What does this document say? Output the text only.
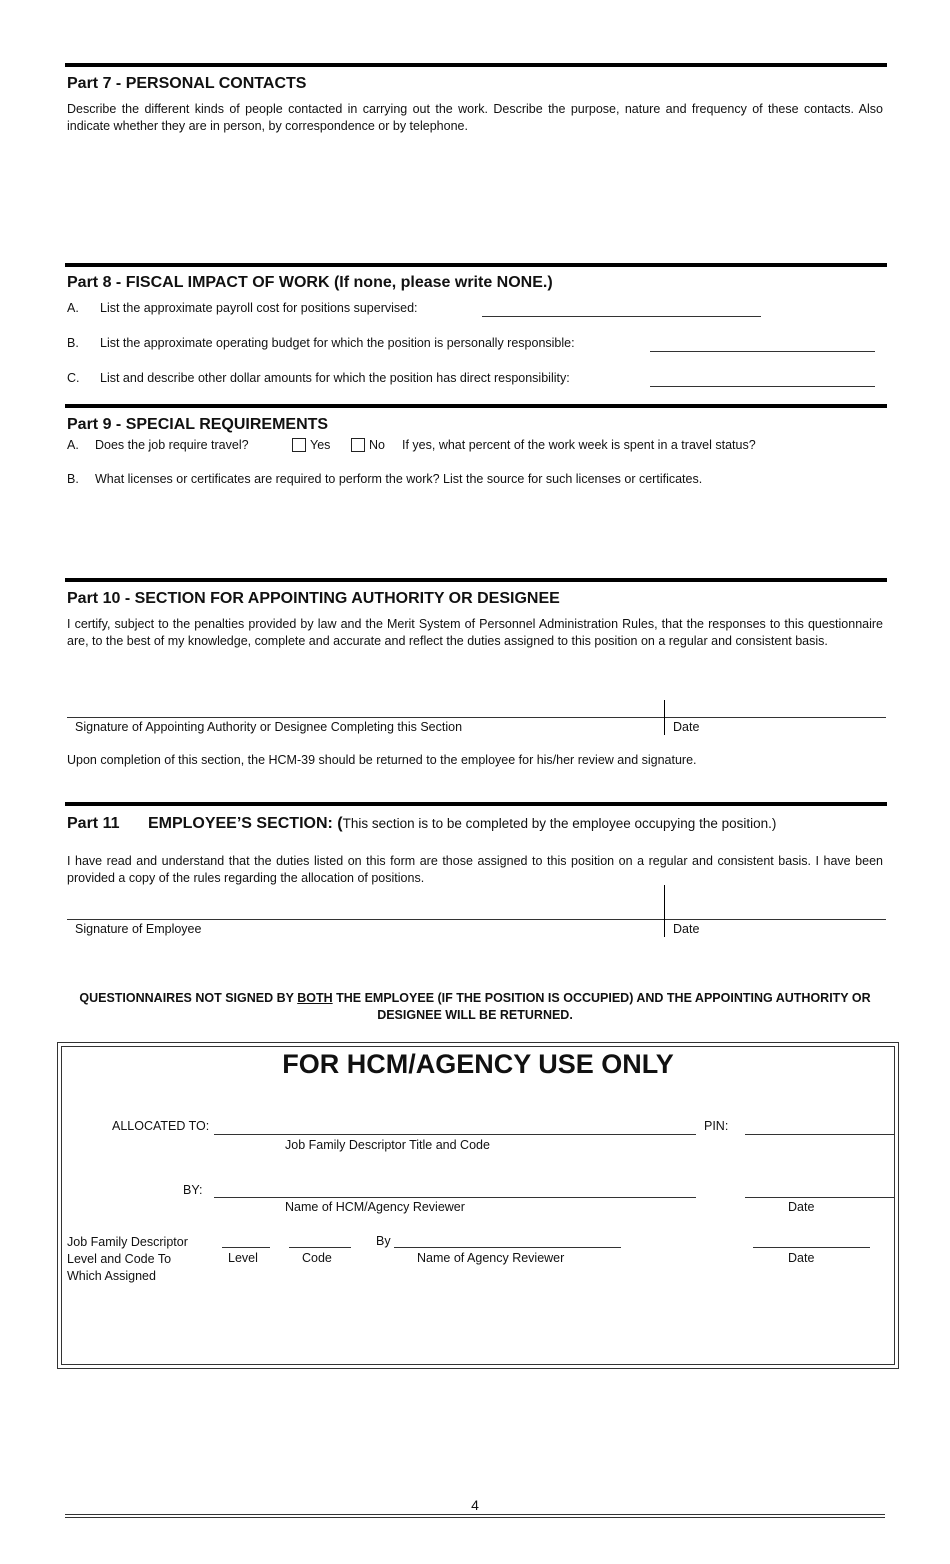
Part 7 - PERSONAL CONTACTS
Describe the different kinds of people contacted in carrying out the work. Describe the purpose, nature and frequency of these contacts. Also indicate whether they are in person, by correspondence or by telephone.
Part 8 - FISCAL IMPACT OF WORK (If none, please write NONE.)
A. List the approximate payroll cost for positions supervised:
B. List the approximate operating budget for which the position is personally responsible:
C. List and describe other dollar amounts for which the position has direct responsibility:
Part 9 - SPECIAL REQUIREMENTS
A. Does the job require travel?	Yes	No If yes, what percent of the work week is spent in a travel status?
B. What licenses or certificates are required to perform the work? List the source for such licenses or certificates.
Part 10 - SECTION FOR APPOINTING AUTHORITY OR DESIGNEE
I certify, subject to the penalties provided by law and the Merit System of Personnel Administration Rules, that the responses to this questionnaire are, to the best of my knowledge, complete and accurate and reflect the duties assigned to this position on a regular and consistent basis.
Signature of Appointing Authority or Designee Completing this Section	Date
Upon completion of this section, the HCM-39 should be returned to the employee for his/her review and signature.
Part 11 EMPLOYEE’S SECTION: (This section is to be completed by the employee occupying the position.)
I have read and understand that the duties listed on this form are those assigned to this position on a regular and consistent basis. I have been provided a copy of the rules regarding the allocation of positions.
Signature of Employee	Date
QUESTIONNAIRES NOT SIGNED BY BOTH THE EMPLOYEE (IF THE POSITION IS OCCUPIED) AND THE APPOINTING AUTHORITY OR DESIGNEE WILL BE RETURNED.
FOR HCM/AGENCY USE ONLY
ALLOCATED TO:	PIN:
Job Family Descriptor Title and Code
BY:
Name of HCM/Agency Reviewer	Date
Job Family Descriptor
Level and Code To
Which Assigned
By
Level	Code	Name of Agency Reviewer	Date
4
